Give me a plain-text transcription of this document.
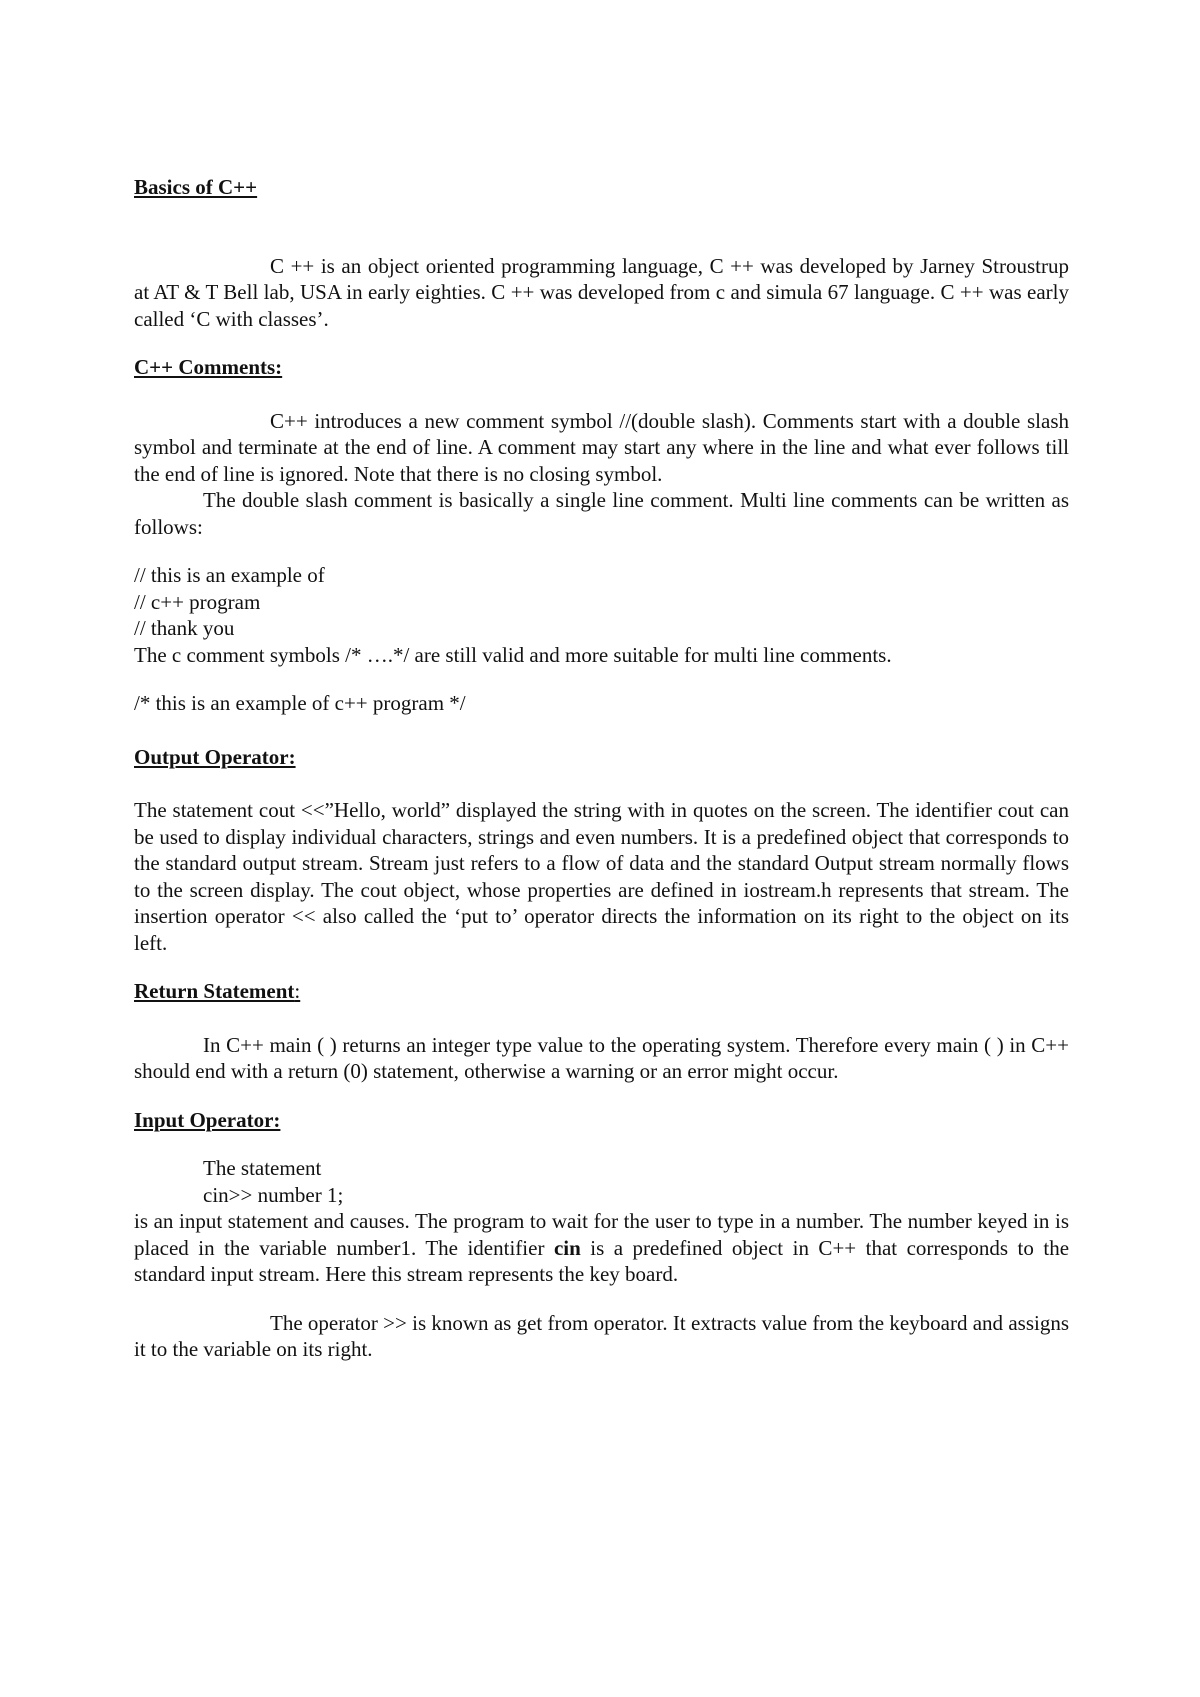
Basics of C++

C ++ is an object oriented programming language, C ++ was developed by Jarney Stroustrup at AT & T Bell lab, USA in early eighties. C ++ was developed from c and simula 67 language. C ++ was early called ‘C with classes’.

C++ Comments:

C++ introduces a new comment symbol //(double slash). Comments start with a double slash symbol and terminate at the end of line. A comment may start any where in the line and what ever follows till the end of line is ignored. Note that there is no closing symbol.

The double slash comment is basically a single line comment. Multi line comments can be written as follows:

// this is an example of

// c++ program

// thank you

The c comment symbols /* ….*/ are still valid and more suitable for multi line comments.

/* this is an example of c++ program */

Output Operator:

The statement cout <<”Hello, world” displayed the string with in quotes on the screen. The identifier cout can be used to display individual characters, strings and even numbers. It is a predefined object that corresponds to the standard output stream. Stream just refers to a flow of data and the standard Output stream normally flows to the screen display. The cout object, whose properties are defined in iostream.h represents that stream. The insertion operator << also called the ‘put to’ operator directs the information on its right to the object on its left.

Return Statement:

In C++ main ( ) returns an integer type value to the operating system. Therefore every main ( ) in C++ should end with a return (0) statement, otherwise a warning or an error might occur.

Input Operator:

The statement

cin>> number 1;

is an input statement and causes. The program to wait for the user to type in a number. The number keyed in is placed in the variable number1. The identifier cin is a predefined object in C++ that corresponds to the standard input stream. Here this stream represents the key board.

The operator >> is known as get from operator. It extracts value from the keyboard and assigns it to the variable on its right.
